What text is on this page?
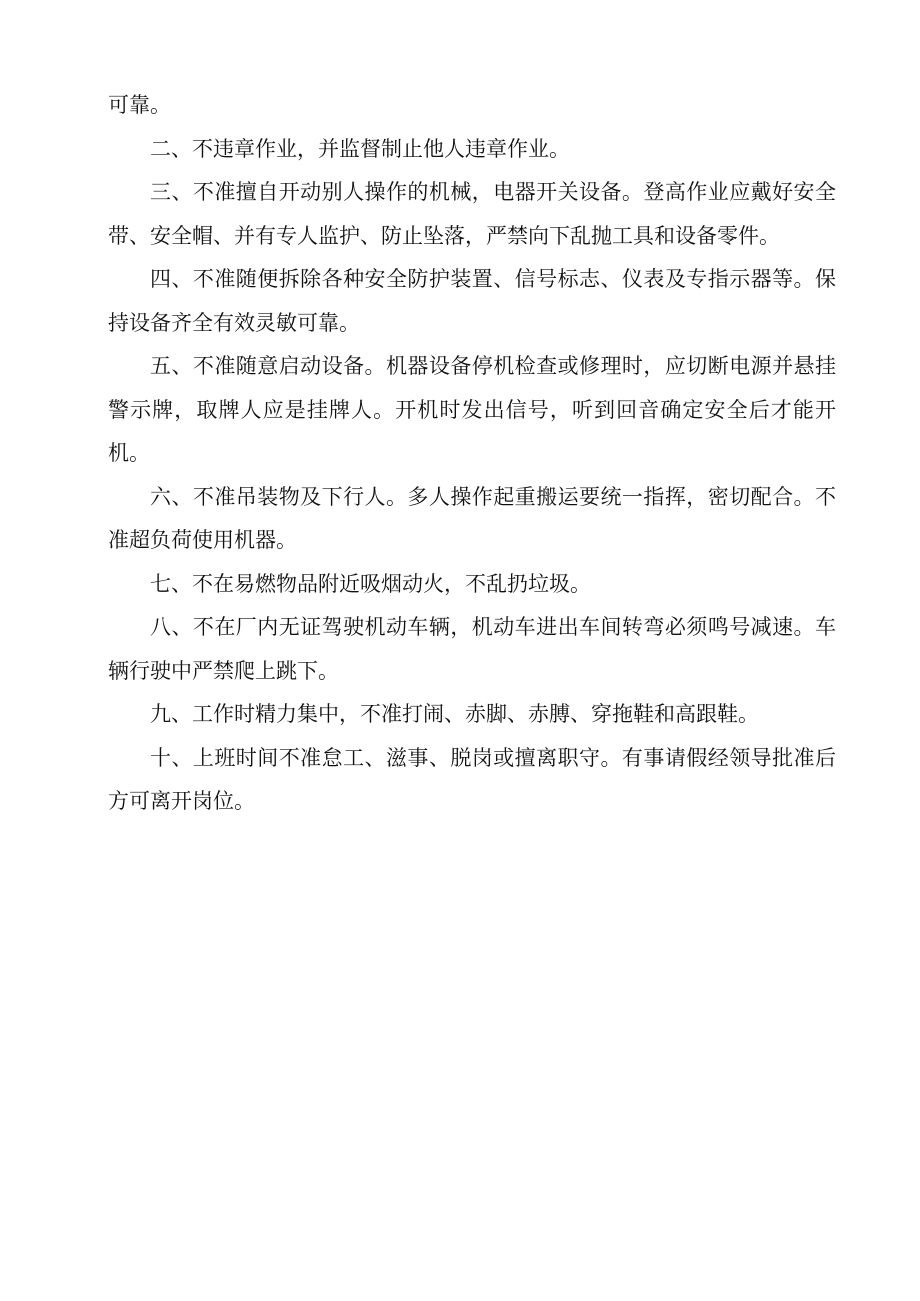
可靠。

二、不违章作业，并监督制止他人违章作业。

三、不准擅自开动别人操作的机械，电器开关设备。登高作业应戴好安全带、安全帽、并有专人监护、防止坠落，严禁向下乱抛工具和设备零件。

四、不准随便拆除各种安全防护装置、信号标志、仪表及专指示器等。保持设备齐全有效灵敏可靠。

五、不准随意启动设备。机器设备停机检查或修理时，应切断电源并悬挂警示牌，取牌人应是挂牌人。开机时发出信号，听到回音确定安全后才能开机。

六、不准吊装物及下行人。多人操作起重搬运要统一指挥，密切配合。不准超负荷使用机器。

七、不在易燃物品附近吸烟动火，不乱扔垃圾。

八、不在厂内无证驾驶机动车辆，机动车进出车间转弯必须鸣号减速。车辆行驶中严禁爬上跳下。

九、工作时精力集中，不准打闹、赤脚、赤膊、穿拖鞋和高跟鞋。

十、上班时间不准怠工、滋事、脱岗或擅离职守。有事请假经领导批准后方可离开岗位。
